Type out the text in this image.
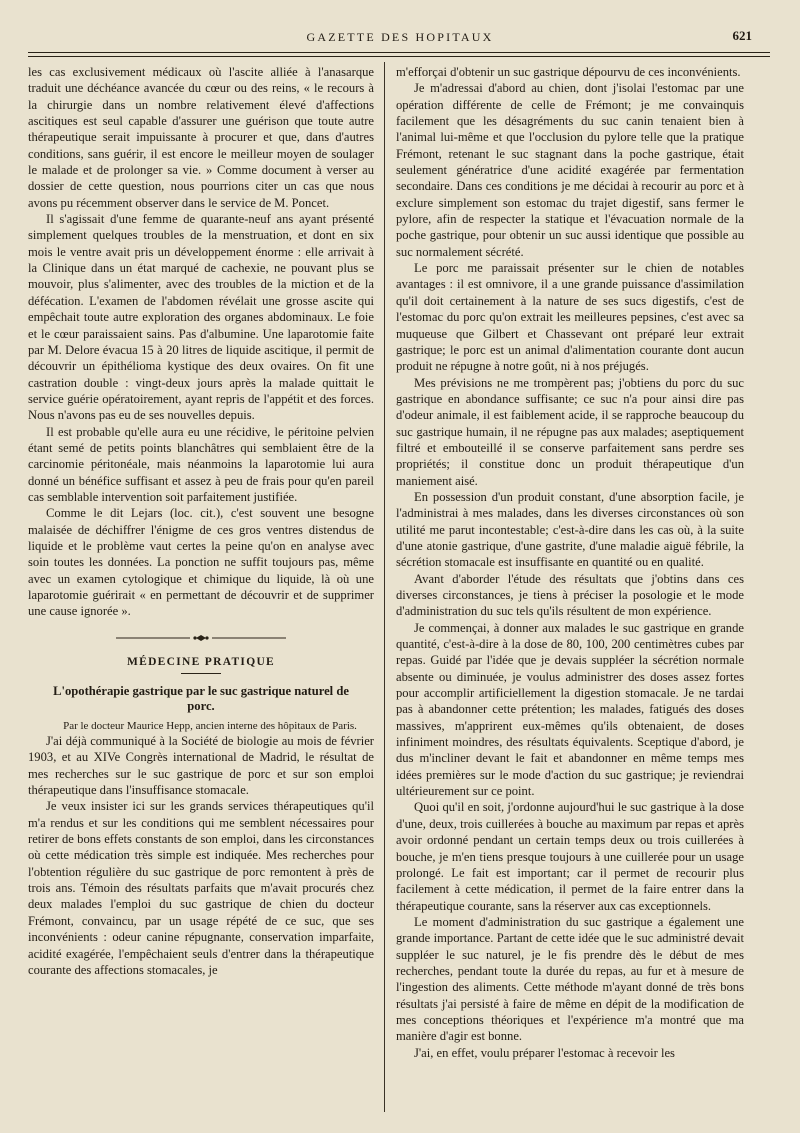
GAZETTE DES HOPITAUX	621

les cas exclusivement médicaux où l'ascite alliée à l'anasarque traduit une déchéance avancée du cœur ou des reins, « le recours à la chirurgie dans un nombre relativement élevé d'affections ascitiques est seul capable d'assurer une guérison que toute autre thérapeutique serait impuissante à procurer et que, dans d'autres conditions, sans guérir, il est encore le meilleur moyen de soulager le malade et de prolonger sa vie. » Comme document à verser au dossier de cette question, nous pourrions citer un cas que nous avons pu récemment observer dans le service de M. Poncet.

Il s'agissait d'une femme de quarante-neuf ans ayant présenté simplement quelques troubles de la menstruation, et dont en six mois le ventre avait pris un développement énorme : elle arrivait à la Clinique dans un état marqué de cachexie, ne pouvant plus se mouvoir, plus s'alimenter, avec des troubles de la miction et de la défécation. L'examen de l'abdomen révélait une grosse ascite qui empêchait toute autre exploration des organes abdominaux. Le foie et le cœur paraissaient sains. Pas d'albumine. Une laparotomie faite par M. Delore évacua 15 à 20 litres de liquide ascitique, il permit de découvrir un épithélioma kystique des deux ovaires. On fit une castration double : vingt-deux jours après la malade quittait le service guérie opératoirement, ayant repris de l'appétit et des forces. Nous n'avons pas eu de ses nouvelles depuis.

Il est probable qu'elle aura eu une récidive, le péritoine pelvien étant semé de petits points blanchâtres qui semblaient être de la carcinomie péritonéale, mais néanmoins la laparotomie lui aura donné un bénéfice suffisant et assez à peu de frais pour qu'en pareil cas semblable intervention soit parfaitement justifiée.

Comme le dit Lejars (loc. cit.), c'est souvent une besogne malaisée de déchiffrer l'énigme de ces gros ventres distendus de liquide et le problème vaut certes la peine qu'on en analyse avec soin toutes les données. La ponction ne suffit toujours pas, même avec un examen cytologique et chimique du liquide, là où une laparotomie guérirait « en permettant de découvrir et de supprimer une cause ignorée ».

MÉDECINE PRATIQUE
L'opothérapie gastrique par le suc gastrique naturel de porc.

Par le docteur Maurice Hepp, ancien interne des hôpitaux de Paris.

J'ai déjà communiqué à la Société de biologie au mois de février 1903, et au XIVe Congrès international de Madrid, le résultat de mes recherches sur le suc gastrique de porc et sur son emploi thérapeutique dans l'insuffisance stomacale.

Je veux insister ici sur les grands services thérapeutiques qu'il m'a rendus et sur les conditions qui me semblent nécessaires pour retirer de bons effets constants de son emploi, dans les circonstances où cette médication très simple est indiquée. Mes recherches pour l'obtention régulière du suc gastrique de porc remontent à près de trois ans. Témoin des résultats parfaits que m'avait procurés chez deux malades l'emploi du suc gastrique de chien du docteur Frémont, convaincu, par un usage répété de ce suc, que ses inconvénients : odeur canine répugnante, conservation imparfaite, acidité exagérée, l'empêchaient seuls d'entrer dans la thérapeutique courante des affections stomacales, je

m'efforçai d'obtenir un suc gastrique dépourvu de ces inconvénients.

Je m'adressai d'abord au chien, dont j'isolai l'estomac par une opération différente de celle de Frémont; je me convainquis facilement que les désagréments du suc canin tenaient bien à l'animal lui-même et que l'occlusion du pylore telle que la pratique Frémont, retenant le suc stagnant dans la poche gastrique, était seulement génératrice d'une acidité exagérée par fermentation secondaire. Dans ces conditions je me décidai à recourir au porc et à exclure simplement son estomac du trajet digestif, sans fermer le pylore, afin de respecter la statique et l'évacuation normale de la poche gastrique, pour obtenir un suc aussi identique que possible au suc normalement sécrété.

Le porc me paraissait présenter sur le chien de notables avantages : il est omnivore, il a une grande puissance d'assimilation qu'il doit certainement à la nature de ses sucs digestifs, c'est de l'estomac du porc qu'on extrait les meilleures pepsines, c'est avec sa muqueuse que Gilbert et Chassevant ont préparé leur extrait gastrique; le porc est un animal d'alimentation courante dont aucun produit ne répugne à notre goût, ni à nos préjugés.

Mes prévisions ne me trompèrent pas; j'obtiens du porc du suc gastrique en abondance suffisante; ce suc n'a pour ainsi dire pas d'odeur animale, il est faiblement acide, il se rapproche beaucoup du suc gastrique humain, il ne répugne pas aux malades; aseptiquement filtré et embouteillé il se conserve parfaitement sans perdre ses propriétés; il constitue donc un produit thérapeutique d'un maniement aisé.

En possession d'un produit constant, d'une absorption facile, je l'administrai à mes malades, dans les diverses circonstances où son utilité me parut incontestable; c'est-à-dire dans les cas où, à la suite d'une atonie gastrique, d'une gastrite, d'une maladie aiguë fébrile, la sécrétion stomacale est insuffisante en quantité ou en qualité.

Avant d'aborder l'étude des résultats que j'obtins dans ces diverses circonstances, je tiens à préciser la posologie et le mode d'administration du suc tels qu'ils résultent de mon expérience.

Je commençai, à donner aux malades le suc gastrique en grande quantité, c'est-à-dire à la dose de 80, 100, 200 centimètres cubes par repas. Guidé par l'idée que je devais suppléer la sécrétion normale absente ou diminuée, je voulus administrer des doses assez fortes pour accomplir artificiellement la digestion stomacale. Je ne tardai pas à abandonner cette prétention; les malades, fatigués des doses massives, m'apprirent eux-mêmes qu'ils obtenaient, de doses infiniment moindres, des résultats équivalents. Sceptique d'abord, je dus m'incliner devant le fait et abandonner en même temps mes idées premières sur le mode d'action du suc gastrique; je reviendrai ultérieurement sur ce point.

Quoi qu'il en soit, j'ordonne aujourd'hui le suc gastrique à la dose d'une, deux, trois cuillerées à bouche au maximum par repas et après avoir ordonné pendant un certain temps deux ou trois cuillerées à bouche, je m'en tiens presque toujours à une cuillerée pour un usage prolongé. Le fait est important; car il permet de recourir plus facilement à cette médication, il permet de la faire entrer dans la thérapeutique courante, sans la réserver aux cas exceptionnels.

Le moment d'administration du suc gastrique a également une grande importance. Partant de cette idée que le suc administré devait suppléer le suc naturel, je le fis prendre dès le début de mes recherches, pendant toute la durée du repas, au fur et à mesure de l'ingestion des aliments. Cette méthode m'ayant donné de très bons résultats j'ai persisté à faire de même en dépit de la modification de mes conceptions théoriques et l'expérience m'a montré que ma manière d'agir est bonne.

J'ai, en effet, voulu préparer l'estomac à recevoir les
